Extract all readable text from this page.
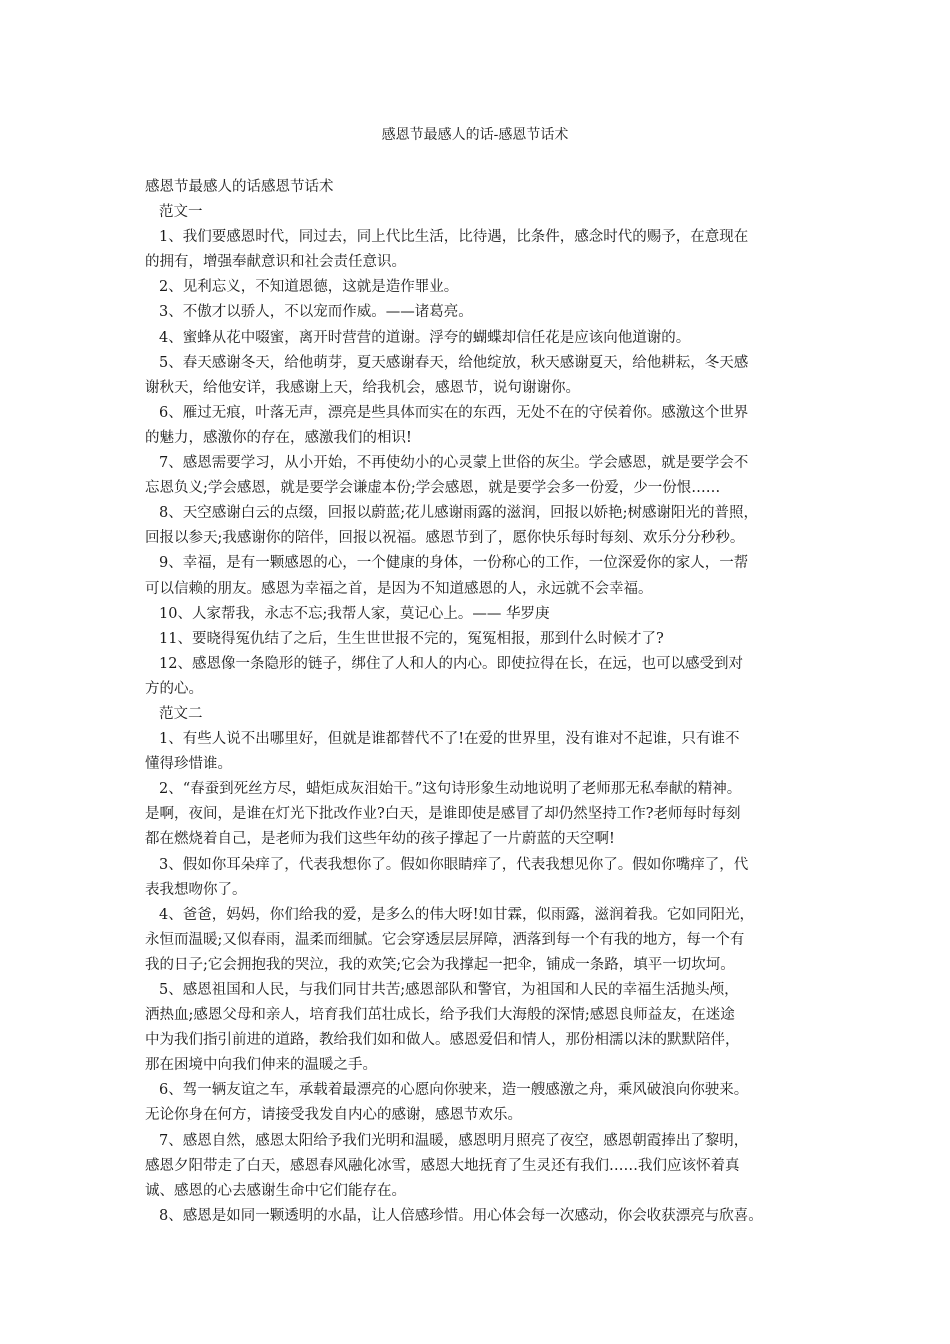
感恩节最感人的话-感恩节话术
感恩节最感人的话感恩节话术
范文一
1、我们要感恩时代，同过去，同上代比生活，比待遇，比条件，感念时代的赐予，在意现在
的拥有，增强奉献意识和社会责任意识。
2、见利忘义，不知道恩德，这就是造作罪业。
3、不傲才以骄人，不以宠而作威。——诸葛亮。
4、蜜蜂从花中啜蜜，离开时营营的道谢。浮夸的蝴蝶却信任花是应该向他道谢的。
5、春天感谢冬天，给他萌芽，夏天感谢春天，给他绽放，秋天感谢夏天，给他耕耘，冬天感
谢秋天，给他安详，我感谢上天，给我机会，感恩节，说句谢谢你。
6、雁过无痕，叶落无声，漂亮是些具体而实在的东西，无处不在的守侯着你。感激这个世界
的魅力，感激你的存在，感激我们的相识!
7、感恩需要学习，从小开始，不再使幼小的心灵蒙上世俗的灰尘。学会感恩，就是要学会不
忘恩负义;学会感恩，就是要学会谦虚本份;学会感恩，就是要学会多一份爱，少一份恨……
8、天空感谢白云的点缀，回报以蔚蓝;花儿感谢雨露的滋润，回报以娇艳;树感谢阳光的普照，
回报以参天;我感谢你的陪伴，回报以祝福。感恩节到了，愿你快乐每时每刻、欢乐分分秒秒。
9、幸福，是有一颗感恩的心，一个健康的身体，一份称心的工作，一位深爱你的家人，一帮
可以信赖的朋友。感恩为幸福之首，是因为不知道感恩的人，永远就不会幸福。
10、人家帮我，永志不忘;我帮人家，莫记心上。—— 华罗庚
11、要晓得冤仇结了之后，生生世世报不完的，冤冤相报，那到什么时候才了?
12、感恩像一条隐形的链子，绑住了人和人的内心。即使拉得在长，在远，也可以感受到对
方的心。
范文二
1、有些人说不出哪里好，但就是谁都替代不了!在爱的世界里，没有谁对不起谁，只有谁不
懂得珍惜谁。
2、“春蚕到死丝方尽，蜡炬成灰泪始干。”这句诗形象生动地说明了老师那无私奉献的精神。
是啊，夜间，是谁在灯光下批改作业?白天，是谁即使是感冒了却仍然坚持工作?老师每时每刻
都在燃烧着自己，是老师为我们这些年幼的孩子撑起了一片蔚蓝的天空啊!
3、假如你耳朵痒了，代表我想你了。假如你眼睛痒了，代表我想见你了。假如你嘴痒了，代
表我想吻你了。
4、爸爸，妈妈，你们给我的爱，是多么的伟大呀!如甘霖，似雨露，滋润着我。它如同阳光，
永恒而温暖;又似春雨，温柔而细腻。它会穿透层层屏障，洒落到每一个有我的地方，每一个有
我的日子;它会拥抱我的哭泣，我的欢笑;它会为我撑起一把伞，铺成一条路，填平一切坎坷。
5、感恩祖国和人民，与我们同甘共苦;感恩部队和警官，为祖国和人民的幸福生活抛头颅，
洒热血;感恩父母和亲人，培育我们茁壮成长，给予我们大海般的深情;感恩良师益友，在迷途
中为我们指引前进的道路，教给我们如和做人。感恩爱侣和情人，那份相濡以沫的默默陪伴，
那在困境中向我们伸来的温暖之手。
6、驾一辆友谊之车，承载着最漂亮的心愿向你驶来，造一艘感激之舟，乘风破浪向你驶来。
无论你身在何方，请接受我发自内心的感谢，感恩节欢乐。
7、感恩自然，感恩太阳给予我们光明和温暖，感恩明月照亮了夜空，感恩朝霞捧出了黎明，
感恩夕阳带走了白天，感恩春风融化冰雪，感恩大地抚育了生灵还有我们……我们应该怀着真
诚、感恩的心去感谢生命中它们能存在。
8、感恩是如同一颗透明的水晶，让人倍感珍惜。用心体会每一次感动，你会收获漂亮与欣喜。
